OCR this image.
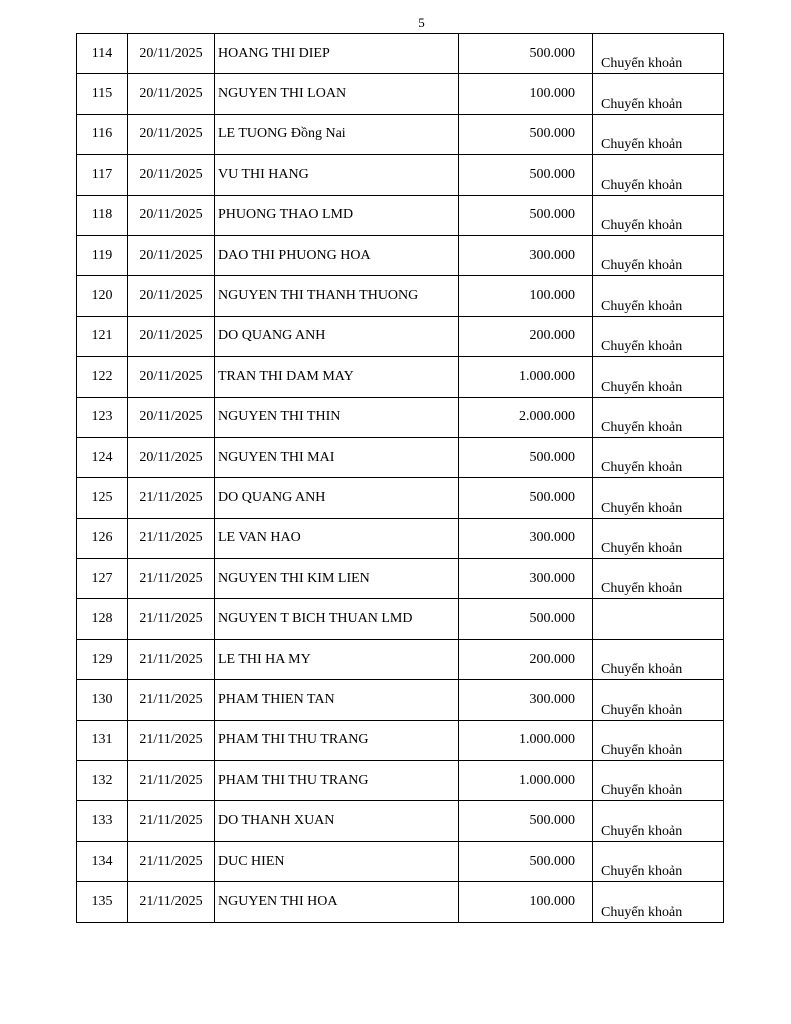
5
114	20/11/2025	HOANG THI DIEP	500.000	Chuyển khoản
115	20/11/2025	NGUYEN THI LOAN	100.000	Chuyển khoản
116	20/11/2025	LE TUONG Đồng Nai	500.000	Chuyển khoản
117	20/11/2025	VU THI HANG	500.000	Chuyển khoản
118	20/11/2025	PHUONG THAO LMD	500.000	Chuyển khoản
119	20/11/2025	DAO THI PHUONG HOA	300.000	Chuyển khoản
120	20/11/2025	NGUYEN THI THANH THUONG	100.000	Chuyển khoản
121	20/11/2025	DO QUANG ANH	200.000	Chuyển khoản
122	20/11/2025	TRAN THI DAM MAY	1.000.000	Chuyển khoản
123	20/11/2025	NGUYEN THI THIN	2.000.000	Chuyển khoản
124	20/11/2025	NGUYEN THI MAI	500.000	Chuyển khoản
125	21/11/2025	DO QUANG ANH	500.000	Chuyển khoản
126	21/11/2025	LE VAN HAO	300.000	Chuyển khoản
127	21/11/2025	NGUYEN THI KIM LIEN	300.000	Chuyển khoản
128	21/11/2025	NGUYEN T BICH THUAN LMD	500.000	
129	21/11/2025	LE THI HA MY	200.000	Chuyển khoản
130	21/11/2025	PHAM THIEN TAN	300.000	Chuyển khoản
131	21/11/2025	PHAM THI THU TRANG	1.000.000	Chuyển khoản
132	21/11/2025	PHAM THI THU TRANG	1.000.000	Chuyển khoản
133	21/11/2025	DO THANH XUAN	500.000	Chuyển khoản
134	21/11/2025	DUC HIEN	500.000	Chuyển khoản
135	21/11/2025	NGUYEN THI HOA	100.000	Chuyển khoản
